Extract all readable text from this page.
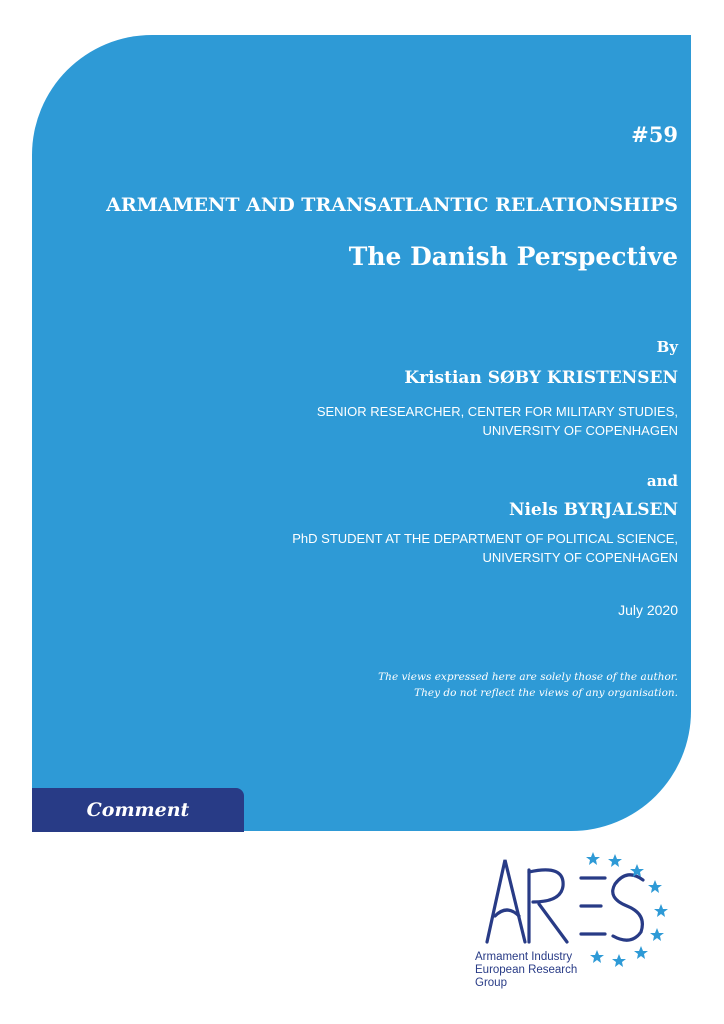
#59

ARMAMENT AND TRANSATLANTIC RELATIONSHIPS

The Danish Perspective

By

Kristian SØBY KRISTENSEN

SENIOR RESEARCHER, CENTER FOR MILITARY STUDIES,
UNIVERSITY OF COPENHAGEN

and

Niels BYRJALSEN

PhD STUDENT AT THE DEPARTMENT OF POLITICAL SCIENCE,
UNIVERSITY OF COPENHAGEN

July 2020

The views expressed here are solely those of the author.
They do not reflect the views of any organisation.

Comment
Armament Industry
European Research
Group
